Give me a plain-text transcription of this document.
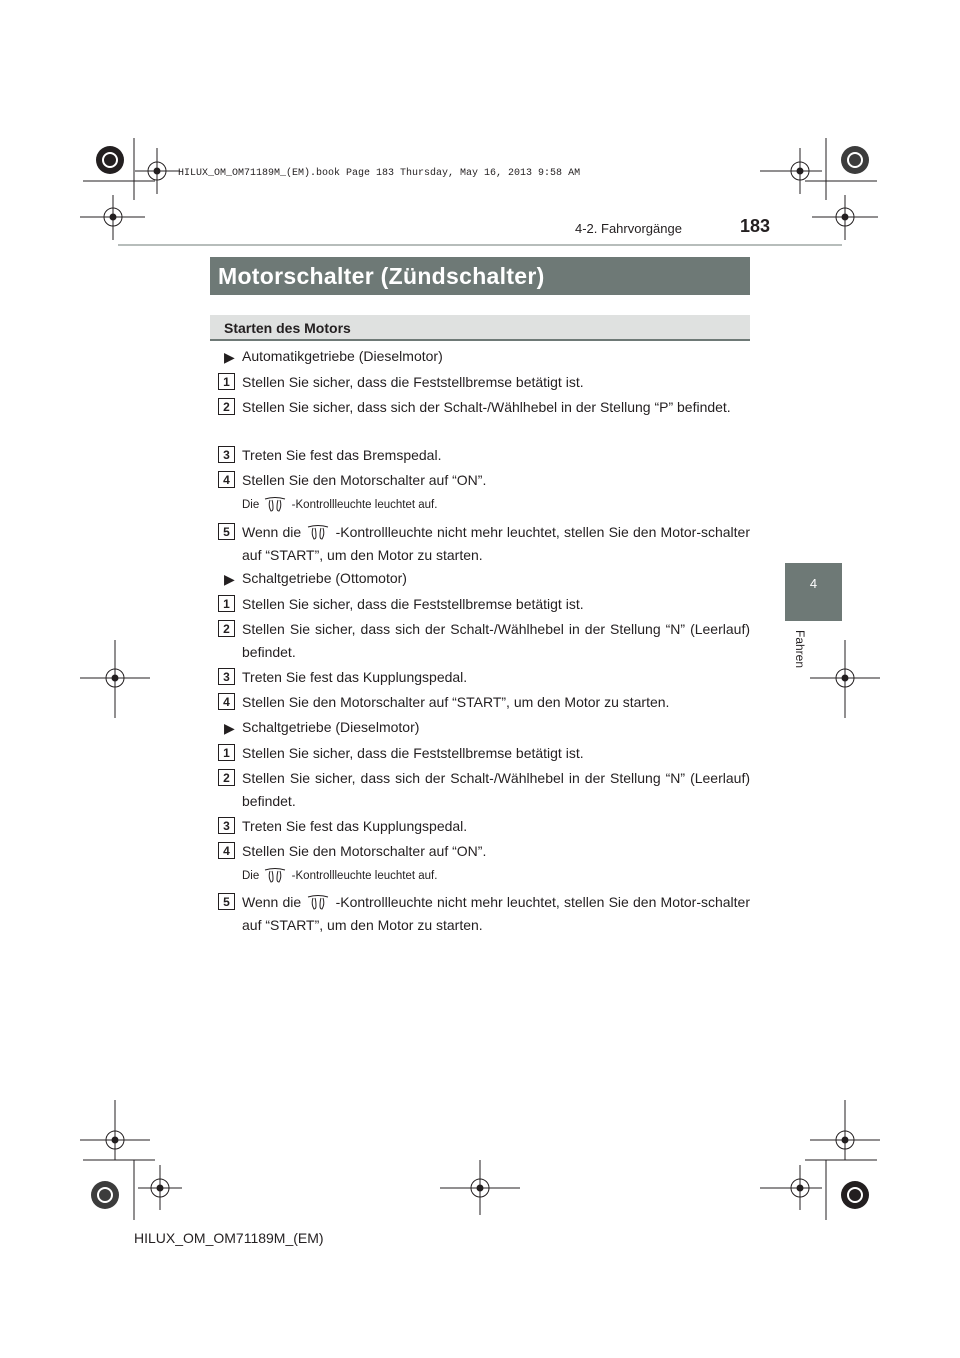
HILUX_OM_OM71189M_(EM).book Page 183 Thursday, May 16, 2013 9:58 AM
4-2. Fahrvorgänge	183
4
Fahren
Motorschalter (Zündschalter)
Starten des Motors
▶ Automatikgetriebe (Dieselmotor)
1 Stellen Sie sicher, dass die Feststellbremse betätigt ist.
2 Stellen Sie sicher, dass sich der Schalt-/Wählhebel in der Stellung “P” befindet.
3 Treten Sie fest das Bremspedal.
4 Stellen Sie den Motorschalter auf “ON”.
Die	-Kontrollleuchte leuchtet auf.
5 Wenn die -Kontrollleuchte nicht mehr leuchtet, stellen Sie den Motor-schalter auf “START”, um den Motor zu starten.
▶ Schaltgetriebe (Ottomotor)
1 Stellen Sie sicher, dass die Feststellbremse betätigt ist.
2 Stellen Sie sicher, dass sich der Schalt-/Wählhebel in der Stellung “N” (Leerlauf) befindet.
3 Treten Sie fest das Kupplungspedal.
4 Stellen Sie den Motorschalter auf “START”, um den Motor zu starten.
▶ Schaltgetriebe (Dieselmotor)
1 Stellen Sie sicher, dass die Feststellbremse betätigt ist.
2 Stellen Sie sicher, dass sich der Schalt-/Wählhebel in der Stellung “N” (Leerlauf) befindet.
3 Treten Sie fest das Kupplungspedal.
4 Stellen Sie den Motorschalter auf “ON”.
Die	-Kontrollleuchte leuchtet auf.
5 Wenn die -Kontrollleuchte nicht mehr leuchtet, stellen Sie den Motor-schalter auf “START”, um den Motor zu starten.
HILUX_OM_OM71189M_(EM)
